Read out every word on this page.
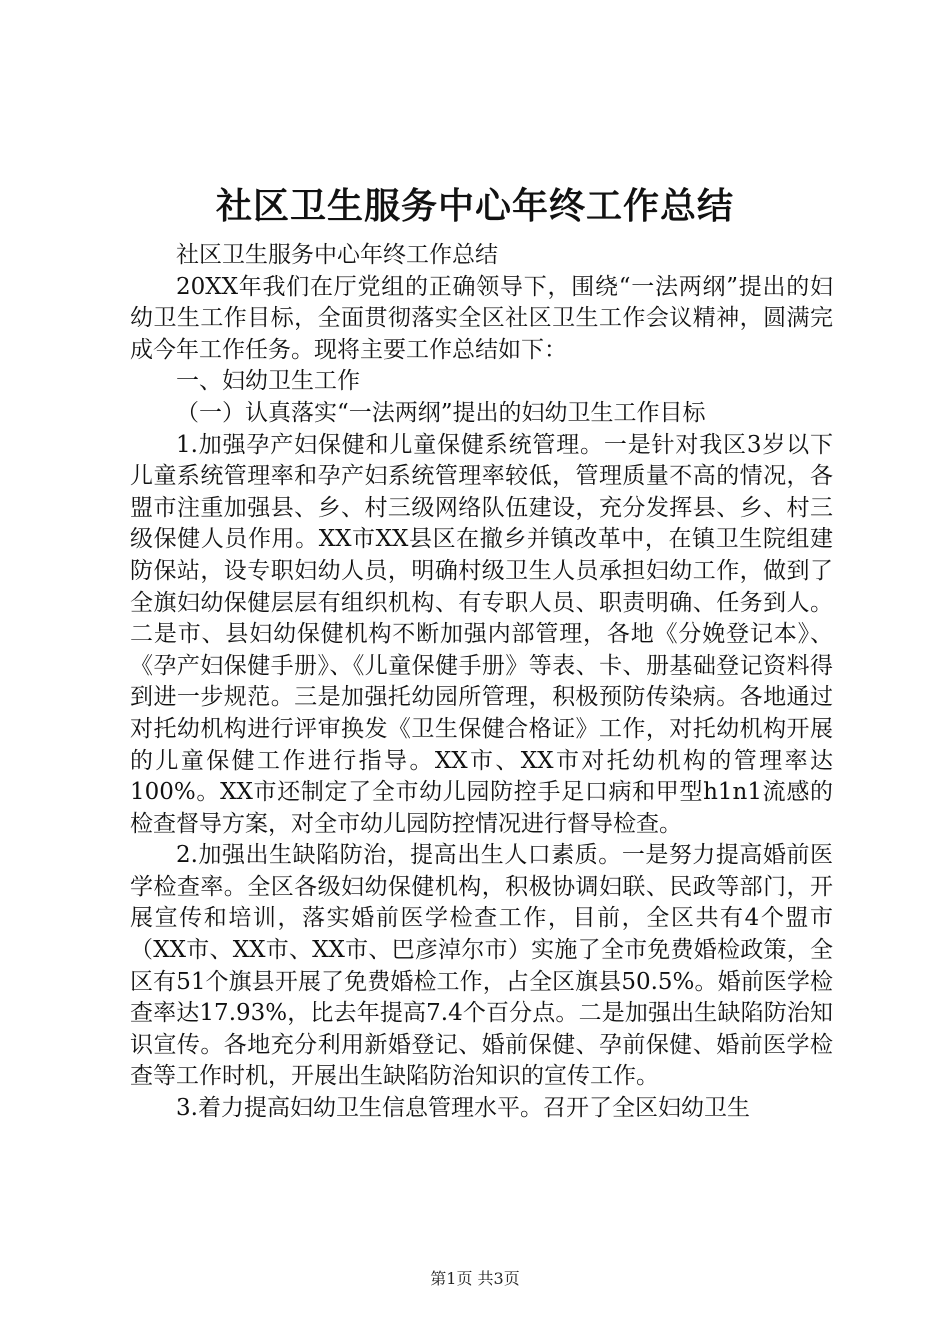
社区卫生服务中心年终工作总结

社区卫生服务中心年终工作总结

20XX年我们在厅党组的正确领导下，围绕“一法两纲”提出的妇幼卫生工作目标，全面贯彻落实全区社区卫生工作会议精神，圆满完成今年工作任务。现将主要工作总结如下：

一、妇幼卫生工作

（一）认真落实“一法两纲”提出的妇幼卫生工作目标

1.加强孕产妇保健和儿童保健系统管理。一是针对我区3岁以下儿童系统管理率和孕产妇系统管理率较低，管理质量不高的情况，各盟市注重加强县、乡、村三级网络队伍建设，充分发挥县、乡、村三级保健人员作用。XX市XX县区在撤乡并镇改革中，在镇卫生院组建防保站，设专职妇幼人员，明确村级卫生人员承担妇幼工作，做到了全旗妇幼保健层层有组织机构、有专职人员、职责明确、任务到人。二是市、县妇幼保健机构不断加强内部管理，各地《分娩登记本》、《孕产妇保健手册》、《儿童保健手册》等表、卡、册基础登记资料得到进一步规范。三是加强托幼园所管理，积极预防传染病。各地通过对托幼机构进行评审换发《卫生保健合格证》工作，对托幼机构开展的儿童保健工作进行指导。XX市、XX市对托幼机构的管理率达100%。XX市还制定了全市幼儿园防控手足口病和甲型h1n1流感的检查督导方案，对全市幼儿园防控情况进行督导检查。

2.加强出生缺陷防治，提高出生人口素质。一是努力提高婚前医学检查率。全区各级妇幼保健机构，积极协调妇联、民政等部门，开展宣传和培训，落实婚前医学检查工作，目前，全区共有4个盟市（XX市、XX市、XX市、巴彦淖尔市）实施了全市免费婚检政策，全区有51个旗县开展了免费婚检工作，占全区旗县50.5%。婚前医学检查率达17.93%，比去年提高7.4个百分点。二是加强出生缺陷防治知识宣传。各地充分利用新婚登记、婚前保健、孕前保健、婚前医学检查等工作时机，开展出生缺陷防治知识的宣传工作。

3.着力提高妇幼卫生信息管理水平。召开了全区妇幼卫生

第1页 共3页
